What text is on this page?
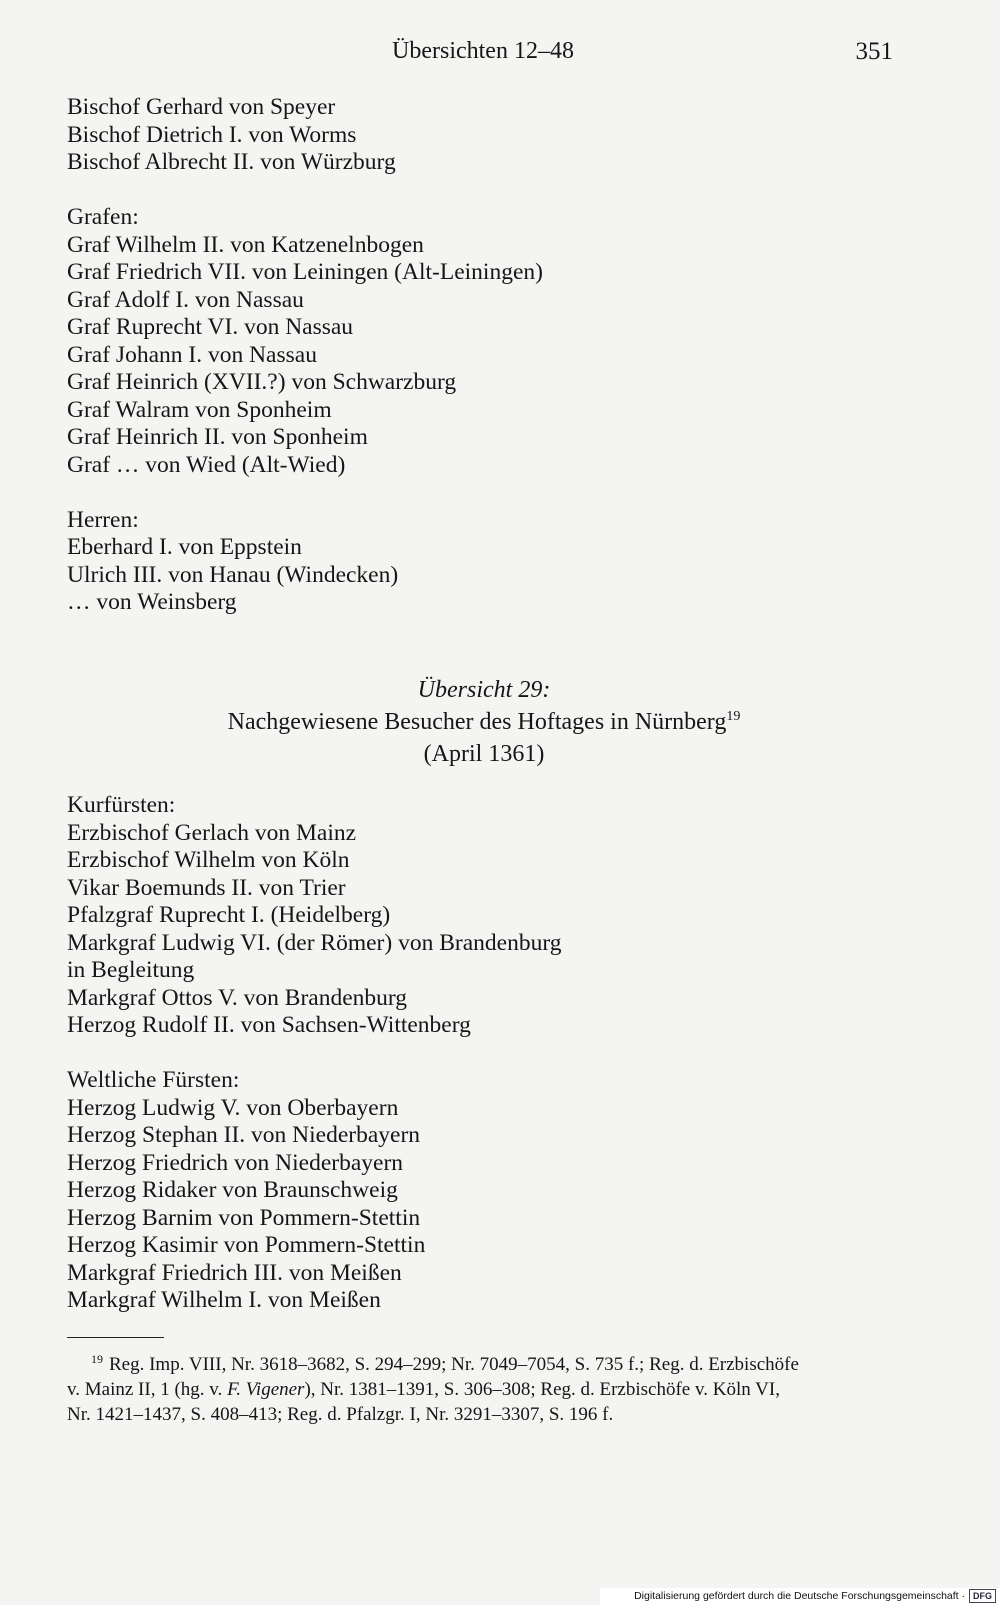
Übersichten 12–48	351
Bischof Gerhard von Speyer
Bischof Dietrich I. von Worms
Bischof Albrecht II. von Würzburg
Grafen:
Graf Wilhelm II. von Katzenelnbogen
Graf Friedrich VII. von Leiningen (Alt-Leiningen)
Graf Adolf I. von Nassau
Graf Ruprecht VI. von Nassau
Graf Johann I. von Nassau
Graf Heinrich (XVII.?) von Schwarzburg
Graf Walram von Sponheim
Graf Heinrich II. von Sponheim
Graf … von Wied (Alt-Wied)
Herren:
Eberhard I. von Eppstein
Ulrich III. von Hanau (Windecken)
… von Weinsberg
Übersicht 29:
Nachgewiesene Besucher des Hoftages in Nürnberg$^{19}$
(April 1361)
Kurfürsten:
Erzbischof Gerlach von Mainz
Erzbischof Wilhelm von Köln
Vikar Boemunds II. von Trier
Pfalzgraf Ruprecht I. (Heidelberg)
Markgraf Ludwig VI. (der Römer) von Brandenburg
in Begleitung
Markgraf Ottos V. von Brandenburg
Herzog Rudolf II. von Sachsen-Wittenberg
Weltliche Fürsten:
Herzog Ludwig V. von Oberbayern
Herzog Stephan II. von Niederbayern
Herzog Friedrich von Niederbayern
Herzog Ridaker von Braunschweig
Herzog Barnim von Pommern-Stettin
Herzog Kasimir von Pommern-Stettin
Markgraf Friedrich III. von Meißen
Markgraf Wilhelm I. von Meißen
$^{19}$ Reg. Imp. VIII, Nr. 3618–3682, S. 294–299; Nr. 7049–7054, S. 735 f.; Reg. d. Erzbischöfe
v. Mainz II, 1 (hg. v. F. Vigener), Nr. 1381–1391, S. 306–308; Reg. d. Erzbischöfe v. Köln VI,
Nr. 1421–1437, S. 408–413; Reg. d. Pfalzgr. I, Nr. 3291–3307, S. 196 f.
Digitalisierung gefördert durch die Deutsche Forschungsgemeinschaft · DFG
